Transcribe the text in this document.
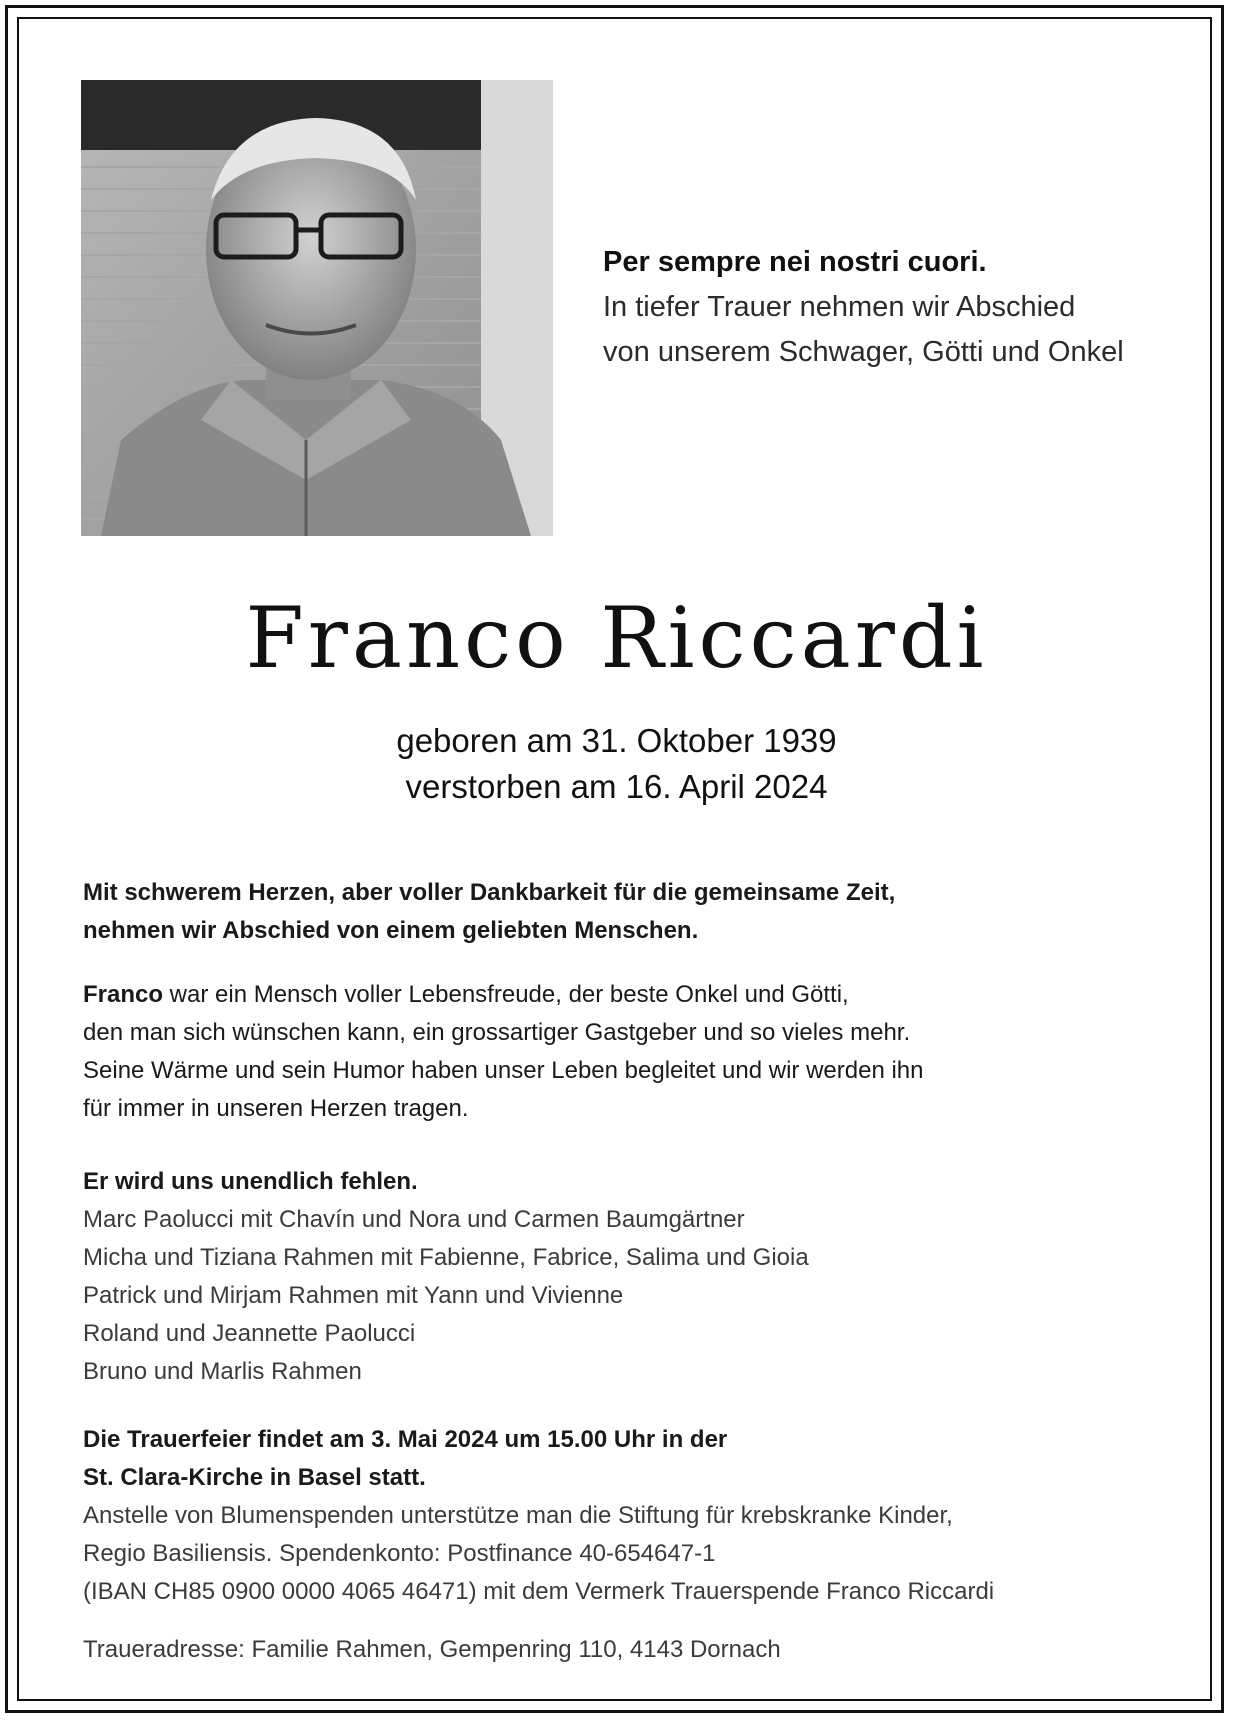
Per sempre nei nostri cuori.
In tiefer Trauer nehmen wir Abschied
von unserem Schwager, Götti und Onkel
Franco Riccardi
geboren am 31. Oktober 1939
verstorben am 16. April 2024
Mit schwerem Herzen, aber voller Dankbarkeit für die gemeinsame Zeit,
nehmen wir Abschied von einem geliebten Menschen.
Franco war ein Mensch voller Lebensfreude, der beste Onkel und Götti,
den man sich wünschen kann, ein grossartiger Gastgeber und so vieles mehr.
Seine Wärme und sein Humor haben unser Leben begleitet und wir werden ihn
für immer in unseren Herzen tragen.
Er wird uns unendlich fehlen.
Marc Paolucci mit Chavín und Nora und Carmen Baumgärtner
Micha und Tiziana Rahmen mit Fabienne, Fabrice, Salima und Gioia
Patrick und Mirjam Rahmen mit Yann und Vivienne
Roland und Jeannette Paolucci
Bruno und Marlis Rahmen
Die Trauerfeier findet am 3. Mai 2024 um 15.00 Uhr in der
St. Clara-Kirche in Basel statt.
Anstelle von Blumenspenden unterstütze man die Stiftung für krebskranke Kinder,
Regio Basiliensis. Spendenkonto: Postfinance 40-654647-1
(IBAN CH85 0900 0000 4065 46471) mit dem Vermerk Trauerspende Franco Riccardi
Traueradresse: Familie Rahmen, Gempenring 110, 4143 Dornach
